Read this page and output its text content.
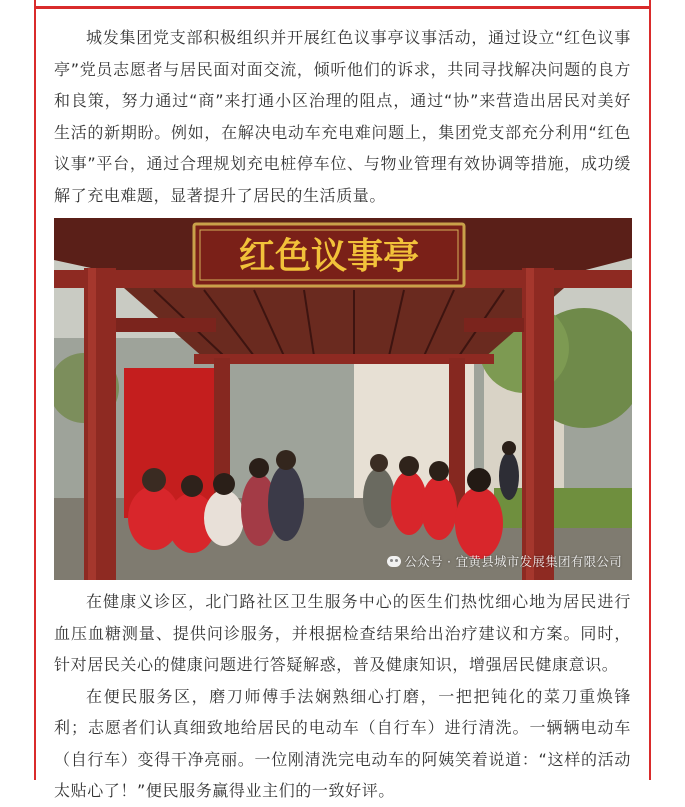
城发集团党支部积极组织并开展红色议事亭议事活动，通过设立“红色议事亭”党员志愿者与居民面对面交流，倾听他们的诉求，共同寻找解决问题的良方和良策，努力通过“商”来打通小区治理的阻点，通过“协”来营造出居民对美好生活的新期盼。例如，在解决电动车充电难问题上，集团党支部充分利用“红色议事”平台，通过合理规划充电桩停车位、与物业管理有效协调等措施，成功缓解了充电难题，显著提升了居民的生活质量。

红色议事亭
公众号 · 宜黄县城市发展集团有限公司

在健康义诊区，北门路社区卫生服务中心的医生们热忱细心地为居民进行血压血糖测量、提供问诊服务，并根据检查结果给出治疗建议和方案。同时，针对居民关心的健康问题进行答疑解惑，普及健康知识，增强居民健康意识。

在便民服务区，磨刀师傅手法娴熟细心打磨，一把把钝化的菜刀重焕锋利；志愿者们认真细致地给居民的电动车（自行车）进行清洗。一辆辆电动车（自行车）变得干净亮丽。一位刚清洗完电动车的阿姨笑着说道：“这样的活动太贴心了！”便民服务赢得业主们的一致好评。
